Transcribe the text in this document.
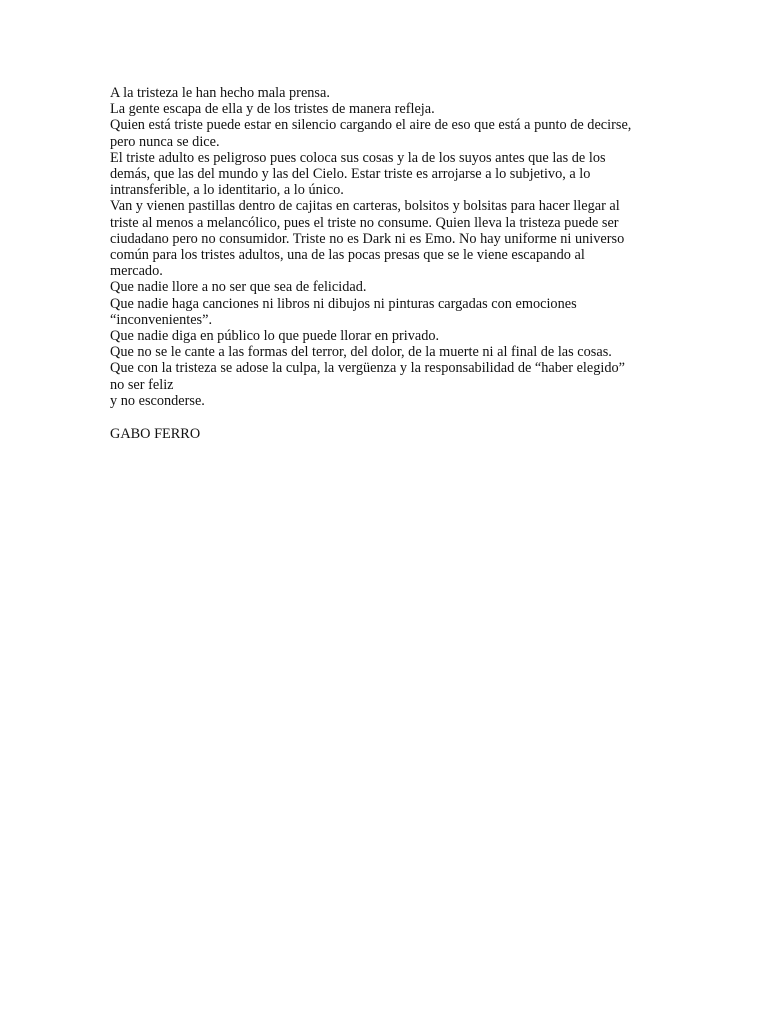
A la tristeza le han hecho mala prensa.
La gente escapa de ella y de los tristes de manera refleja.
Quien está triste puede estar en silencio cargando el aire de eso que está a punto de decirse,
pero nunca se dice.
El triste adulto es peligroso pues coloca sus cosas y la de los suyos antes que las de los
demás, que las del mundo y las del Cielo. Estar triste es arrojarse a lo subjetivo, a lo
intransferible, a lo identitario, a lo único.
Van y vienen pastillas dentro de cajitas en carteras, bolsitos y bolsitas para hacer llegar al
triste al menos a melancólico, pues el triste no consume. Quien lleva la tristeza puede ser
ciudadano pero no consumidor. Triste no es Dark ni es Emo. No hay uniforme ni universo
común para los tristes adultos, una de las pocas presas que se le viene escapando al
mercado.
Que nadie llore a no ser que sea de felicidad.
Que nadie haga canciones ni libros ni dibujos ni pinturas cargadas con emociones
“inconvenientes”.
Que nadie diga en público lo que puede llorar en privado.
Que no se le cante a las formas del terror, del dolor, de la muerte ni al final de las cosas.
Que con la tristeza se adose la culpa, la vergüenza y la responsabilidad de “haber elegido”
no ser feliz
y no esconderse.
GABO FERRO
